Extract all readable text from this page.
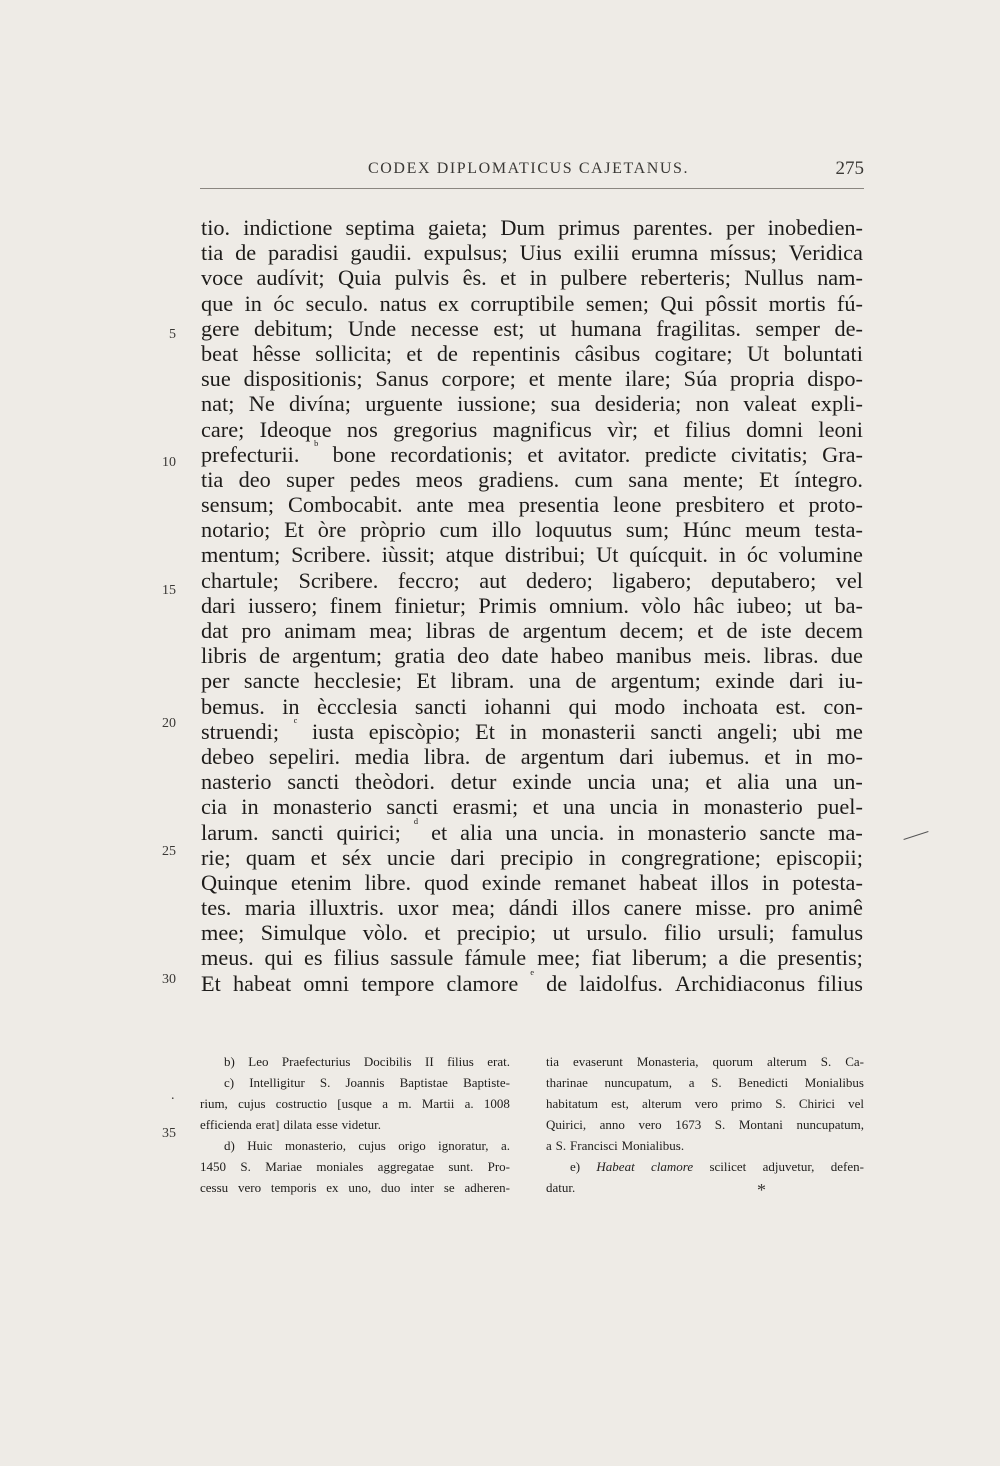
CODEX DIPLOMATICUS CAJETANUS.	275
5
10
15
20
25
30
35
tio. indictione septima gaieta; Dum primus parentes. per inobedien-
tia de paradisi gaudii. expulsus; Uius exilii erumna míssus; Veridica
voce audívit; Quia pulvis ês. et in pulbere reberteris; Nullus nam-
que in óc seculo. natus ex corruptibile semen; Qui pôssit mortis fú-
gere debitum; Unde necesse est; ut humana fragilitas. semper de-
beat hêsse sollicita; et de repentinis câsibus cogitare; Ut boluntati
sue dispositionis; Sanus corpore; et mente ilare; Súa propria dispo-
nat; Ne divína; urguente iussione; sua desideria; non valeat expli-
care; Ideoque nos gregorius magnificus vìr; et filius domni leoni
prefecturii. ᵇ bone recordationis; et avitator. predicte civitatis; Gra-
tia deo super pedes meos gradiens. cum sana mente; Et íntegro.
sensum; Combocabit. ante mea presentia leone presbitero et proto-
notario; Et òre pròprio cum illo loquutus sum; Húnc meum testa-
mentum; Scribere. iùssit; atque distribui; Ut quícquit. in óc volumine
chartule; Scribere. feccro; aut dedero; ligabero; deputabero; vel
dari iussero; finem finietur; Primis omnium. vòlo hâc iubeo; ut ba-
dat pro animam mea; libras de argentum decem; et de iste decem
libris de argentum; gratia deo date habeo manibus meis. libras. due
per sancte hecclesie; Et libram. una de argentum; exinde dari iu-
bemus. in èccclesia sancti iohanni qui modo inchoata est. con-
struendi; ᶜ iusta episcòpio; Et in monasterii sancti angeli; ubi me
debeo sepeliri. media libra. de argentum dari iubemus. et in mo-
nasterio sancti theòdori. detur exinde uncia una; et alia una un-
cia in monasterio sancti erasmi; et una uncia in monasterio puel-
larum. sancti quirici; ᵈ et alia una uncia. in monasterio sancte ma-
rie; quam et séx uncie dari precipio in congregratione; episcopii;
Quinque etenim libre. quod exinde remanet habeat illos in potesta-
tes. maria illuxtris. uxor mea; dándi illos canere misse. pro animê
mee; Simulque vòlo. et precipio; ut ursulo. filio ursuli; famulus
meus. qui es filius sassule fámule mee; fiat liberum; a die presentis;
Et habeat omni tempore clamore ᵉ de laidolfus. Archidiaconus filius
b) Leo Praefecturius Docibilis II filius erat.
c) Intelligitur S. Joannis Baptistae Baptiste-
rium, cujus costructio [usque a m. Martii a. 1008
efficienda erat] dilata esse videtur.
d) Huic monasterio, cujus origo ignoratur, a.
1450 S. Mariae moniales aggregatae sunt. Pro-
cessu vero temporis ex uno, duo inter se adheren-
tia evaserunt Monasteria, quorum alterum S. Ca-
tharinae nuncupatum, a S. Benedicti Monialibus
habitatum est, alterum vero primo S. Chirici vel
Quirici, anno vero 1673 S. Montani nuncupatum,
a S. Francisci Monialibus.
e) Habeat clamore scilicet adjuvetur, defen-
datur.
.
*
